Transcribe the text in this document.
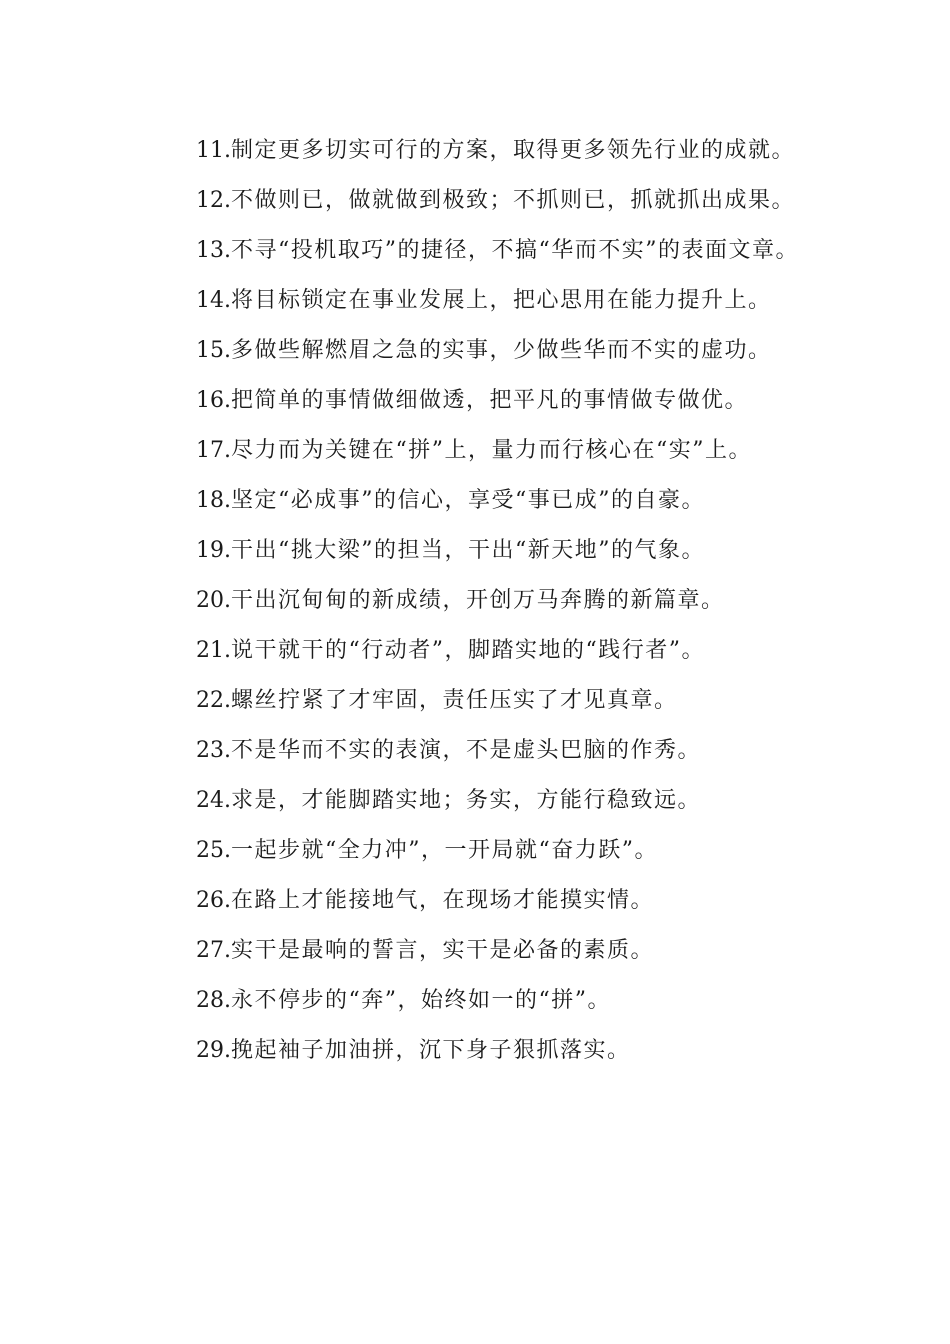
11.制定更多切实可行的方案，取得更多领先行业的成就。

12.不做则已，做就做到极致；不抓则已，抓就抓出成果。

13.不寻“投机取巧”的捷径，不搞“华而不实”的表面文章。

14.将目标锁定在事业发展上，把心思用在能力提升上。

15.多做些解燃眉之急的实事，少做些华而不实的虚功。

16.把简单的事情做细做透，把平凡的事情做专做优。

17.尽力而为关键在“拼”上，量力而行核心在“实”上。

18.坚定“必成事”的信心，享受“事已成”的自豪。

19.干出“挑大梁”的担当，干出“新天地”的气象。

20.干出沉甸甸的新成绩，开创万马奔腾的新篇章。

21.说干就干的“行动者”，脚踏实地的“践行者”。

22.螺丝拧紧了才牢固，责任压实了才见真章。

23.不是华而不实的表演，不是虚头巴脑的作秀。

24.求是，才能脚踏实地；务实，方能行稳致远。

25.一起步就“全力冲”，一开局就“奋力跃”。

26.在路上才能接地气，在现场才能摸实情。

27.实干是最响的誓言，实干是必备的素质。

28.永不停步的“奔”，始终如一的“拼”。

29.挽起袖子加油拼，沉下身子狠抓落实。
